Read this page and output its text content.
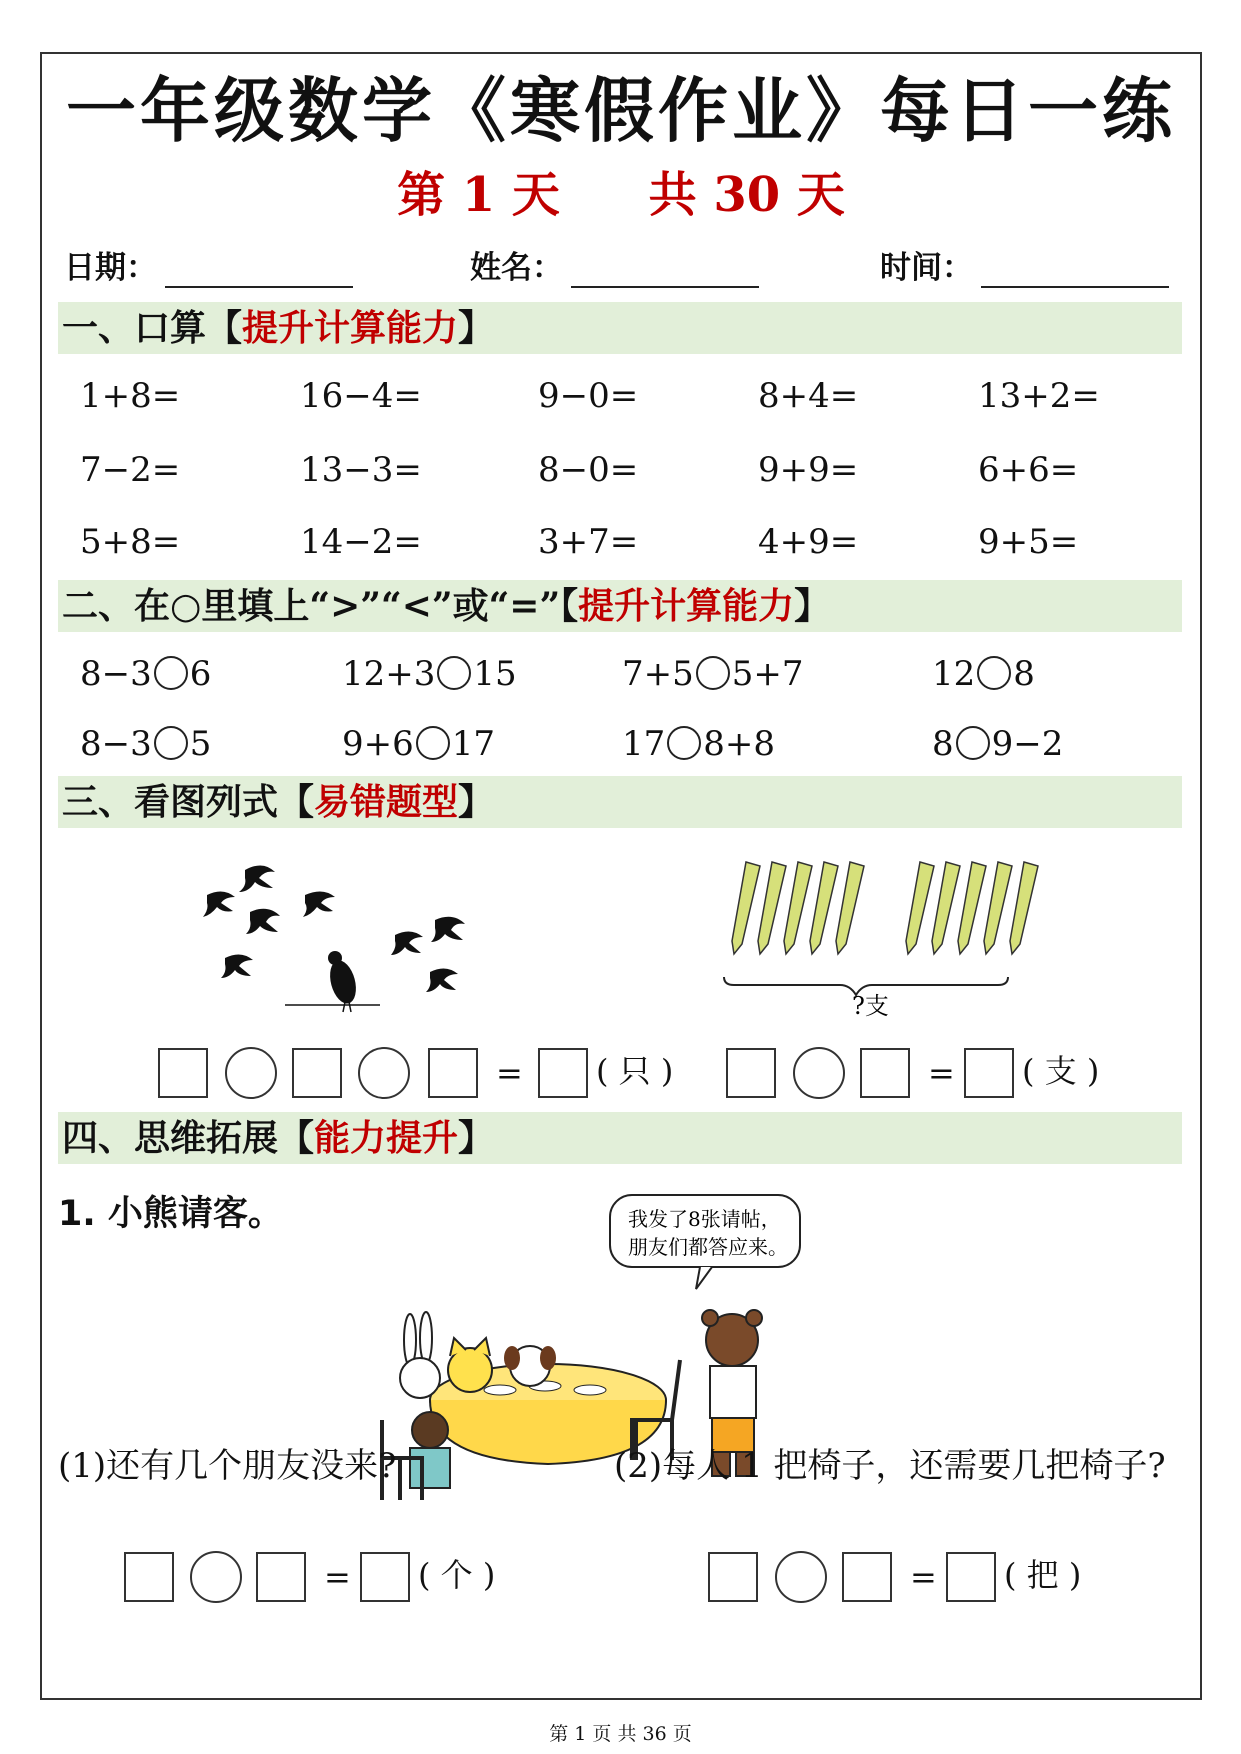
一年级数学《寒假作业》每日一练
第 1 天 共 30 天
日期：	姓名：	时间：
一、口算【提升计算能力】
1+8=	16−4=	9−0=	8+4=	13+2=
7−2=	13−3=	8−0=	9+9=	6+6=
5+8=	14−2=	3+7=	4+9=	9+5=
二、在○里填上“>”“<”或“=”【提升计算能力】
8−3 6	12+3 15	7+5 5+7	12 8
8−3 5	9+6 17	17 8+8	8 9−2
三、看图列式【易错题型】
?支
= ( 只 )	= ( 支 )
四、思维拓展【能力提升】
1. 小熊请客。	我发了8张请帖，
朋友们都答应来。
(1)还有几个朋友没来?	(2)每人 1 把椅子，还需要几把椅子?
= ( 个 )	= ( 把 )
第 1 页 共 36 页
